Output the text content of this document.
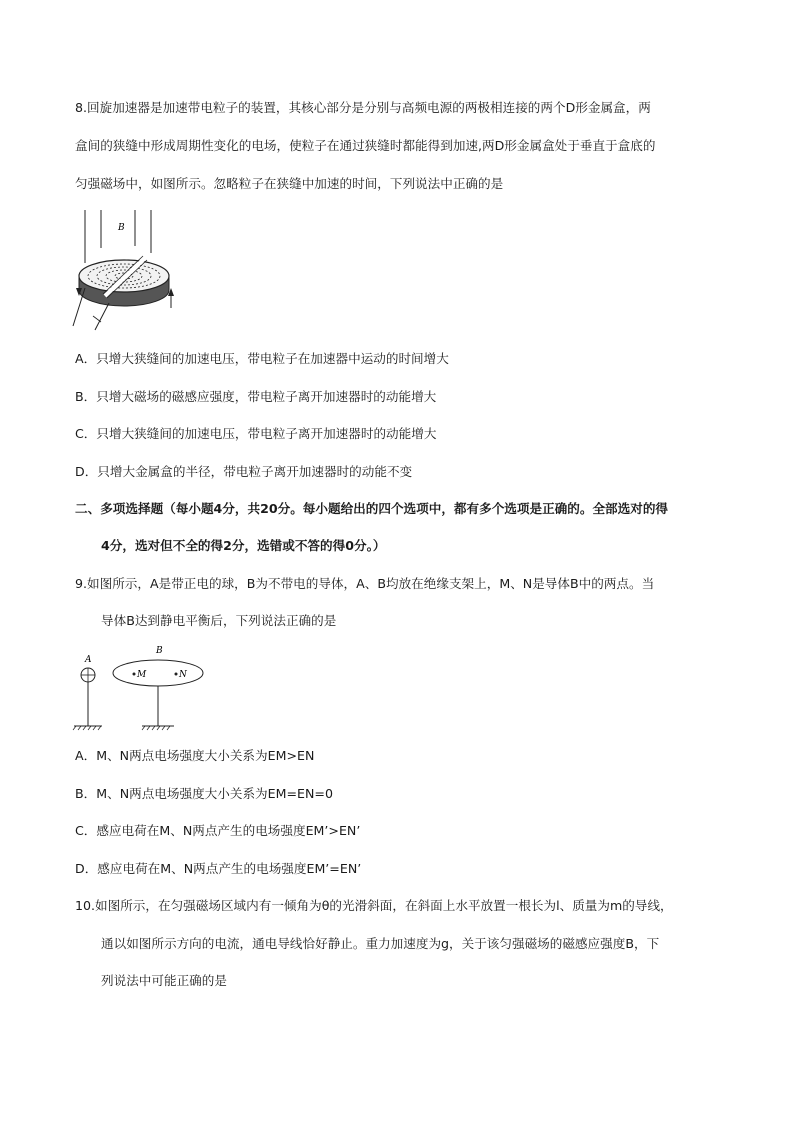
8.回旋加速器是加速带电粒子的装置，其核心部分是分别与高频电源的两极相连接的两个D形金属盒，两
盒间的狭缝中形成周期性变化的电场，使粒子在通过狭缝时都能得到加速,两D形金属盒处于垂直于盒底的
匀强磁场中，如图所示。忽略粒子在狭缝中加速的时间，下列说法中正确的是
B
A．只增大狭缝间的加速电压，带电粒子在加速器中运动的时间增大
B．只增大磁场的磁感应强度，带电粒子离开加速器时的动能增大
C．只增大狭缝间的加速电压，带电粒子离开加速器时的动能增大
D．只增大金属盒的半径，带电粒子离开加速器时的动能不变
二、多项选择题（每小题4分，共20分。每小题给出的四个选项中，都有多个选项是正确的。全部选对的得
4分，选对但不全的得2分，选错或不答的得0分。）
9.如图所示，A是带正电的球，B为不带电的导体，A、B均放在绝缘支架上，M、N是导体B中的两点。当
导体B达到静电平衡后，下列说法正确的是
A
B
M	N
A．M、N两点电场强度大小关系为EM>EN
B．M、N两点电场强度大小关系为EM=EN=0
C．感应电荷在M、N两点产生的电场强度EM’>EN’
D．感应电荷在M、N两点产生的电场强度EM’=EN’
10.如图所示，在匀强磁场区域内有一倾角为θ的光滑斜面，在斜面上水平放置一根长为l、质量为m的导线，
通以如图所示方向的电流，通电导线恰好静止。重力加速度为g，关于该匀强磁场的磁感应强度B，下
列说法中可能正确的是
